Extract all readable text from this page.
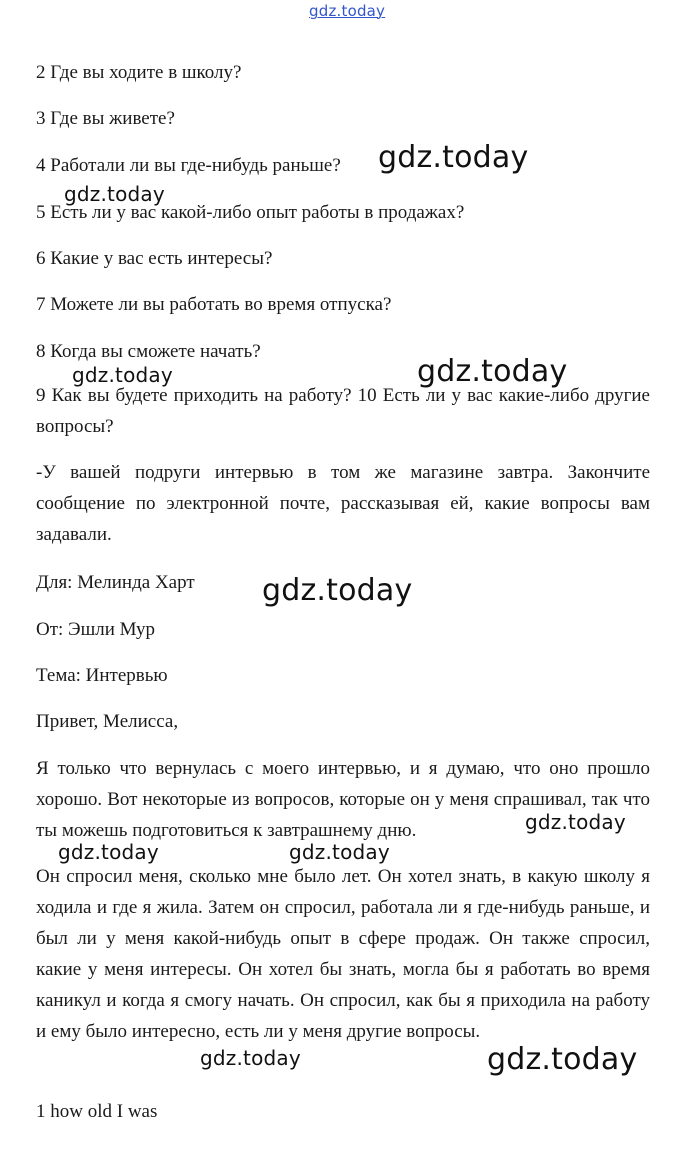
gdz.today
2 Где вы ходите в школу?
3 Где вы живете?
4 Работали ли вы где-нибудь раньше?
5 Есть ли у вас какой-либо опыт работы в продажах?
6 Какие у вас есть интересы?
7 Можете ли вы работать во время отпуска?
8 Когда вы сможете начать?
9 Как вы будете приходить на работу? 10 Есть ли у вас какие-либо другие вопросы?
-У вашей подруги интервью в том же магазине завтра. Закончите сообщение по электронной почте, рассказывая ей, какие вопросы вам задавали.
Для: Мелинда Харт
От: Эшли Мур
Тема: Интервью
Привет, Мелисса,
Я только что вернулась с моего интервью, и я думаю, что оно прошло хорошо. Вот некоторые из вопросов, которые он у меня спрашивал, так что ты можешь подготовиться к завтрашнему дню.
Он спросил меня, сколько мне было лет. Он хотел знать, в какую школу я ходила и где я жила. Затем он спросил, работала ли я где-нибудь раньше, и был ли у меня какой-нибудь опыт в сфере продаж. Он также спросил, какие у меня интересы. Он хотел бы знать, могла бы я работать во время каникул и когда я смогу начать. Он спросил, как бы я приходила на работу и ему было интересно, есть ли у меня другие вопросы.
1 how old I was
gdz.today
gdz.today
gdz.today
gdz.today
gdz.today
gdz.today
gdz.today	gdz.today
gdz.today	gdz.today
